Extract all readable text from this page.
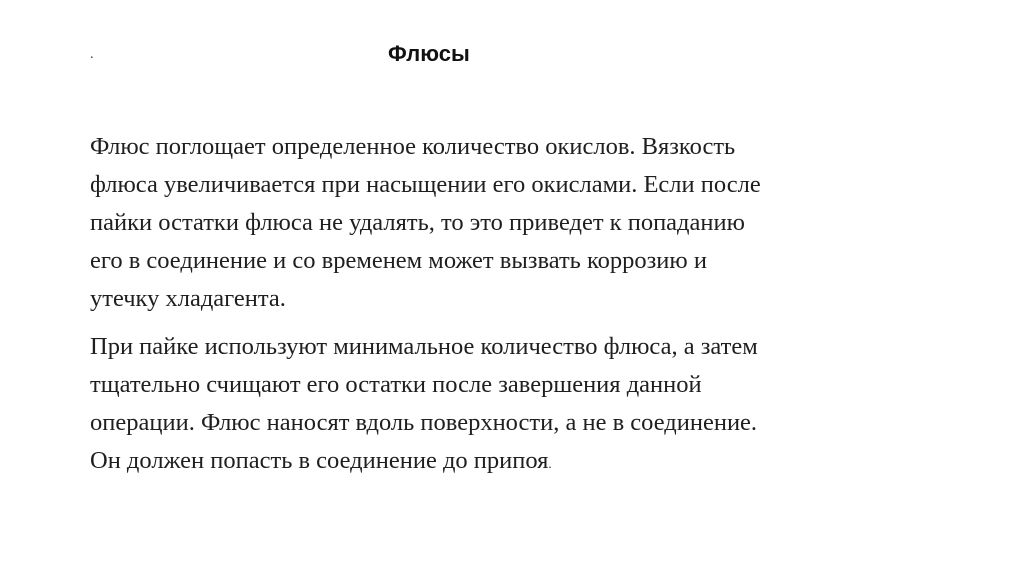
.	Флюсы

Флюс поглощает определенное количество окислов. Вязкость
флюса увеличивается при насыщении его окислами. Если после
пайки остатки флюса не удалять, то это приведет к попаданию
его в соединение и со временем может вызвать коррозию и
утечку хладагента.

При пайке используют минимальное количество флюса, а затем
тщательно счищают его остатки после завершения данной
операции. Флюс наносят вдоль поверхности, а не в соединение.
Он должен попасть в соединение до припоя.
